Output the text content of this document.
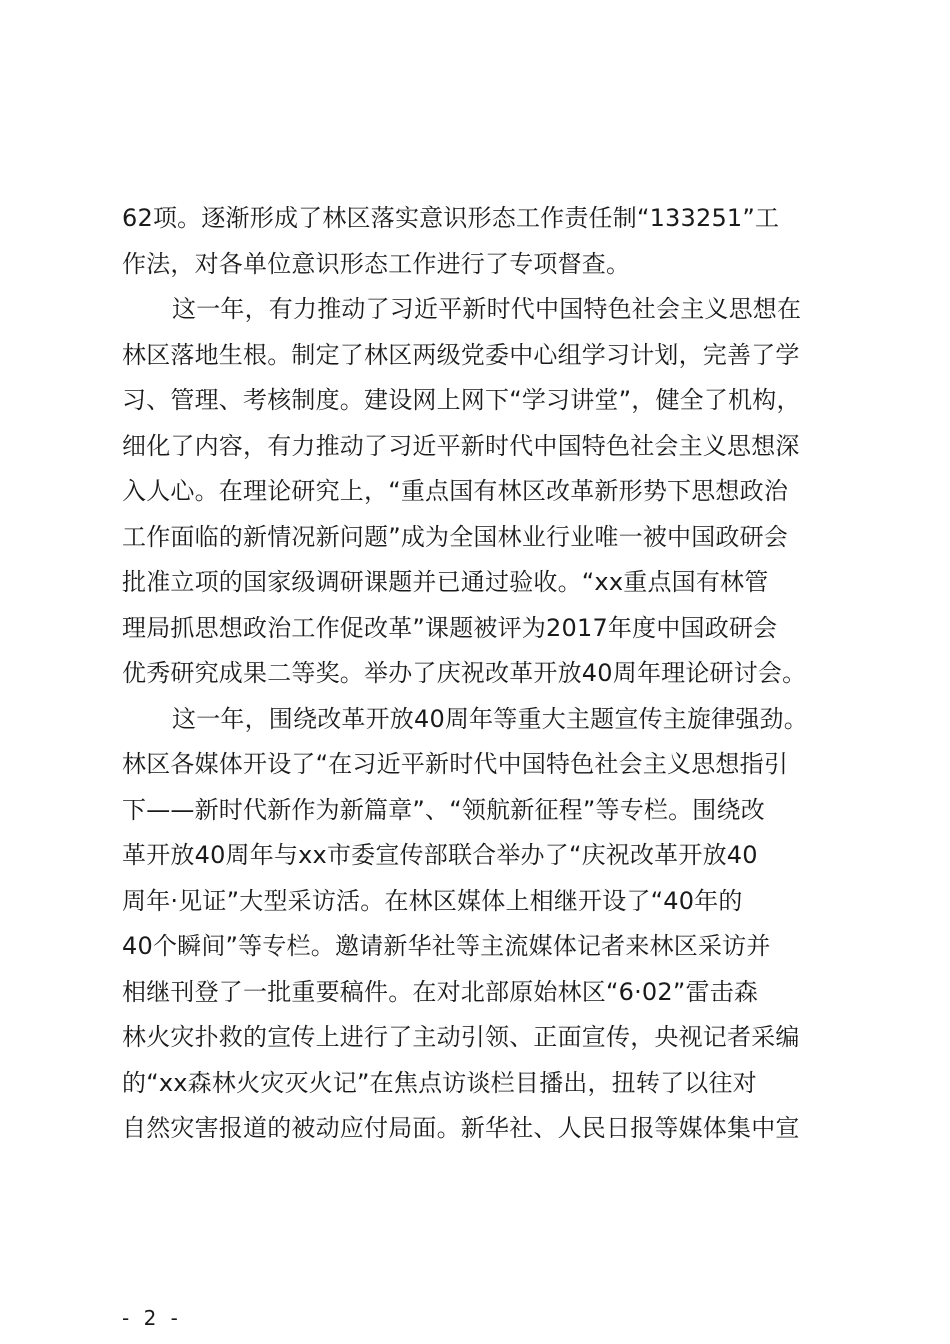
62项。逐渐形成了林区落实意识形态工作责任制“133251”工
作法，对各单位意识形态工作进行了专项督查。
这一年，有力推动了习近平新时代中国特色社会主义思想在
林区落地生根。制定了林区两级党委中心组学习计划，完善了学
习、管理、考核制度。建设网上网下“学习讲堂”，健全了机构，
细化了内容，有力推动了习近平新时代中国特色社会主义思想深
入人心。在理论研究上，“重点国有林区改革新形势下思想政治
工作面临的新情况新问题”成为全国林业行业唯一被中国政研会
批准立项的国家级调研课题并已通过验收。“xx重点国有林管
理局抓思想政治工作促改革”课题被评为2017年度中国政研会
优秀研究成果二等奖。举办了庆祝改革开放40周年理论研讨会。
这一年，围绕改革开放40周年等重大主题宣传主旋律强劲。
林区各媒体开设了“在习近平新时代中国特色社会主义思想指引
下——新时代新作为新篇章”、“领航新征程”等专栏。围绕改
革开放40周年与xx市委宣传部联合举办了“庆祝改革开放40
周年·见证”大型采访活。在林区媒体上相继开设了“40年的
40个瞬间”等专栏。邀请新华社等主流媒体记者来林区采访并
相继刊登了一批重要稿件。在对北部原始林区“6·02”雷击森
林火灾扑救的宣传上进行了主动引领、正面宣传，央视记者采编
的“xx森林火灾灭火记”在焦点访谈栏目播出，扭转了以往对
自然灾害报道的被动应付局面。新华社、人民日报等媒体集中宣
- 2 -
